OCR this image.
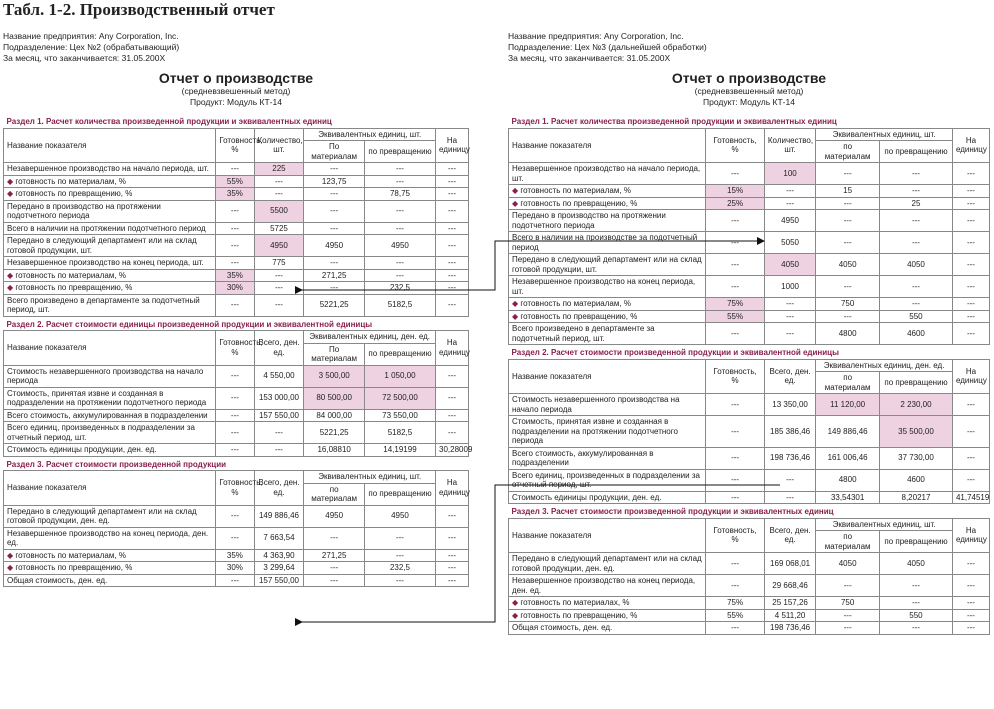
Табл. 1-2. Производственный отчет
Название предприятия: Any Corporation, Inc.
Подразделение: Цех №2 (обрабатывающий)
За месяц, что заканчивается: 31.05.200X
Отчет о производстве
(средневзвешенный метод)
Продукт: Модуль КТ-14
Раздел 1. Расчет количества произведенной продукции и эквивалентных единиц					
Название показателя	Готовность, %	Количество, шт.	Эквивалентных единиц, шт.		На единицу
			По материалам	по превращению	
Незавершенное производство на начало периода, шт.	---	225	---	---	---
◆ готовность по материалам, %	55%	---	123,75	---	---
◆ готовность по превращению, %	35%	---	---	78,75	---
Передано в производство на протяжении подотчетного периода	---	5500	---	---	---
Всего в наличии на протяжении подотчетного период	---	5725	---	---	---
Передано в следующий департамент или на склад готовой продукции, шт.	---	4950	4950	4950	---
Незавершенное производство на конец периода, шт.	---	775	---	---	---
◆ готовность по материалам, %	35%	---	271,25	---	---
◆ готовность по превращению, %	30%	---	---	232,5	---
Всего произведено в департаменте за подотчетный период, шт.	---	---	5221,25	5182,5	---
Раздел 2. Расчет стоимости единицы произведенной продукции и эквивалентной единицы					
Название показателя	Готовность, %	Всего, ден. ед.	Эквивалентных единиц, ден. ед.		На единицу
			По материалам	по превращению	
Стоимость незавершенного производства на начало периода	---	4 550,00	3 500,00	1 050,00	---
Стоимость, принятая извне и созданная в подразделении на протяжении подотчетного периода	---	153 000,00	80 500,00	72 500,00	---
Всего стоимость, аккумулированная в подразделении	---	157 550,00	84 000,00	73 550,00	---
Всего единиц, произведенных в подразделении за отчетный период, шт.	---	---	5221,25	5182,5	---
Стоимость единицы продукции, ден. ед.	---	---	16,08810	14,19199	30,28009
Раздел 3. Расчет стоимости произведенной продукции					
Название показателя	Готовность, %	Всего, ден. ед.	Эквивалентных единиц, шт.		На единицу
			по материалам	по превращению	
Передано в следующий департамент или на склад готовой продукции, ден. ед.	---	149 886,46	4950	4950	---
Незавершенное производство на конец периода, ден. ед.	---	7 663,54	---	---	---
◆ готовность по материалам, %	35%	4 363,90	271,25	---	---
◆ готовность по превращению, %	30%	3 299,64	---	232,5	---
Общая стоимость, ден. ед.	---	157 550,00	---	---	---
Название предприятия: Any Corporation, Inc.
Подразделение: Цех №3 (дальнейшей обработки)
За месяц, что заканчивается: 31.05.200X
Отчет о производстве
(средневзвешенный метод)
Продукт: Модуль КТ-14
Раздел 1. Расчет количества произведенной продукции и эквивалентных единиц					
Название показателя	Готовность, %	Количество, шт.	Эквивалентных единиц, шт.		На единицу
			по материалам	по превращению	
Незавершенное производство на начало периода, шт.	---	100	---	---	---
◆ готовность по материалам, %	15%	---	15	---	---
◆ готовность по превращению, %	25%	---	---	25	---
Передано в производство на протяжении подотчетного периода	---	4950	---	---	---
Всего в наличии на производстве за подотчетный период	---	5050	---	---	---
Передано в следующий департамент или на склад готовой продукции, шт.	---	4050	4050	4050	---
Незавершенное производство на конец периода, шт.	---	1000	---	---	---
◆ готовность по материалам, %	75%	---	750	---	---
◆ готовность по превращению, %	55%	---	---	550	---
Всего произведено в департаменте за подотчетный период, шт.	---	---	4800	4600	---
Раздел 2. Расчет стоимости произведенной продукции и эквивалентной единицы					
Название показателя	Готовность, %	Всего, ден. ед.	Эквивалентных единиц, ден. ед.		На единицу
			по материалам	по превращению	
Стоимость незавершенного производства на начало периода	---	13 350,00	11 120,00	2 230,00	---
Стоимость, принятая извне и созданная в подразделении на протяжении подотчетного периода	---	185 386,46	149 886,46	35 500,00	---
Всего стоимость, аккумулированная в подразделении	---	198 736,46	161 006,46	37 730,00	---
Всего единиц, произведенных в подразделении за отчетный период, шт.	---	---	4800	4600	---
Стоимость единицы продукции, ден. ед.	---	---	33,54301	8,20217	41,74519
Раздел 3. Расчет стоимости произведенной продукции и эквивалентных единиц					
Название показателя	Готовность, %	Всего, ден. ед.	Эквивалентных единиц, шт.		На единицу
			по материалам	по превращению	
Передано в следующий департамент или на склад готовой продукции, ден. ед.	---	169 068,01	4050	4050	---
Незавершенное производство на конец периода, ден. ед.	---	29 668,46	---	---	---
◆ готовность по материалах, %	75%	25 157,26	750	---	---
◆ готовность по превращению, %	55%	4 511,20	---	550	---
Общая стоимость, ден. ед.	---	198 736,46	---	---	---
